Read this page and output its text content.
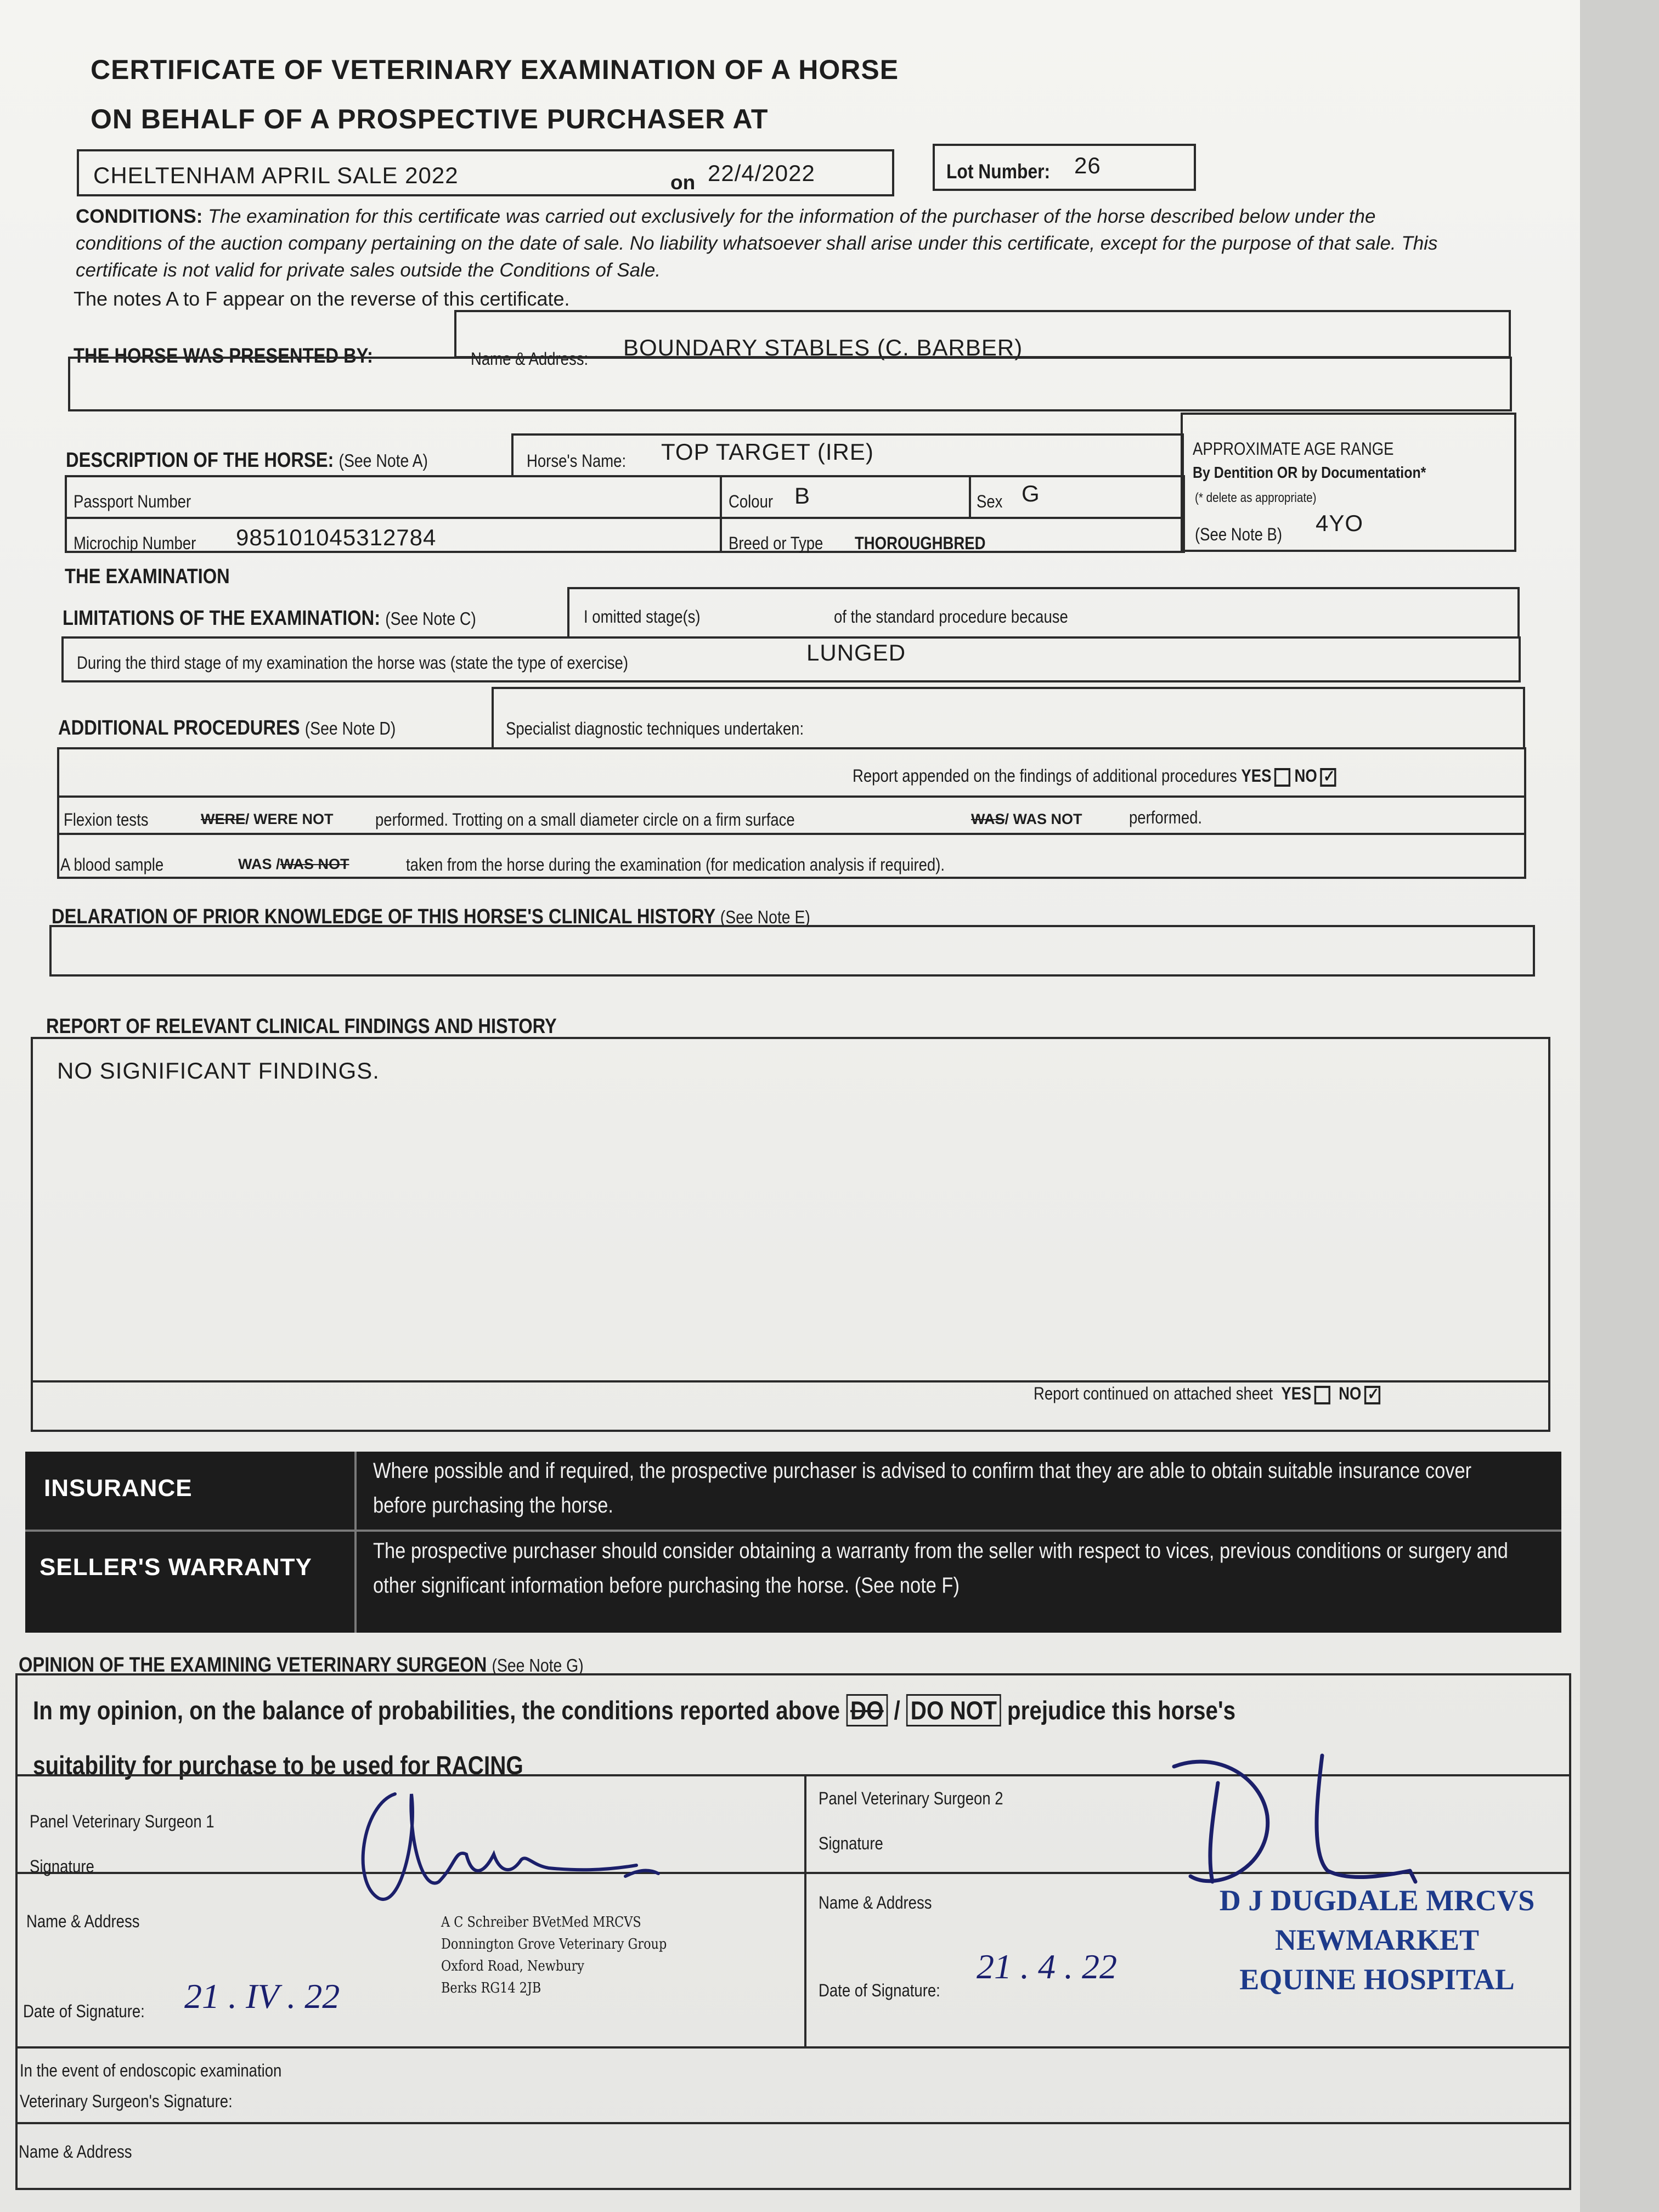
CERTIFICATE OF VETERINARY EXAMINATION OF A HORSE
ON BEHALF OF A PROSPECTIVE PURCHASER AT
CHELTENHAM APRIL SALE 2022	on 22/4/2022	Lot Number: 26
CONDITIONS: The examination for this certificate was carried out exclusively for the information of the purchaser of the horse described below under the conditions of the auction company pertaining on the date of sale. No liability whatsoever shall arise under this certificate, except for the purpose of that sale. This certificate is not valid for private sales outside the Conditions of Sale.
The notes A to F appear on the reverse of this certificate.
THE HORSE WAS PRESENTED BY:	Name & Address: BOUNDARY STABLES (C. BARBER)
DESCRIPTION OF THE HORSE: (See Note A)	Horse's Name: TOP TARGET (IRE)
Passport Number	Colour B	Sex G
Microchip Number 985101045312784	Breed or Type THOROUGHBRED
APPROXIMATE AGE RANGE
By Dentition OR by Documentation*
(* delete as appropriate)
(See Note B) 4YO
THE EXAMINATION
LIMITATIONS OF THE EXAMINATION: (See Note C)	I omitted stage(s)	of the standard procedure because
During the third stage of my examination the horse was (state the type of exercise)	LUNGED
ADDITIONAL PROCEDURES (See Note D)	Specialist diagnostic techniques undertaken:
Report appended on the findings of additional procedures YES NO ✓
Flexion tests	WERE/ WERE NOT performed. Trotting on a small diameter circle on a firm surface	WAS/ WAS NOT	performed.
A blood sample	WAS /WAS NOT	taken from the horse during the examination (for medication analysis if required).
DELARATION OF PRIOR KNOWLEDGE OF THIS HORSE'S CLINICAL HISTORY (See Note E)
REPORT OF RELEVANT CLINICAL FINDINGS AND HISTORY
NO SIGNIFICANT FINDINGS.
Report continued on attached sheet YES NO ✓
INSURANCE
Where possible and if required, the prospective purchaser is advised to confirm that they are able to obtain suitable insurance cover before purchasing the horse.
SELLER'S WARRANTY
The prospective purchaser should consider obtaining a warranty from the seller with respect to vices, previous conditions or surgery and other significant information before purchasing the horse. (See note F)
OPINION OF THE EXAMINING VETERINARY SURGEON (See Note G)
In my opinion, on the balance of probabilities, the conditions reported above DO / DO NOT prejudice this horse's
suitability for purchase to be used for RACING
Panel Veterinary Surgeon 1
Signature
Name & Address	A C Schreiber BVetMed MRCVS
Donnington Grove Veterinary Group
Oxford Road, Newbury
Berks RG14 2JB
Date of Signature: 21 . IV . 22
Panel Veterinary Surgeon 2
Signature
Name & Address	D J DUGDALE MRCVS
NEWMARKET
EQUINE HOSPITAL
Date of Signature:
21 . 4 . 22
In the event of endoscopic examination
Veterinary Surgeon's Signature:
Name & Address
